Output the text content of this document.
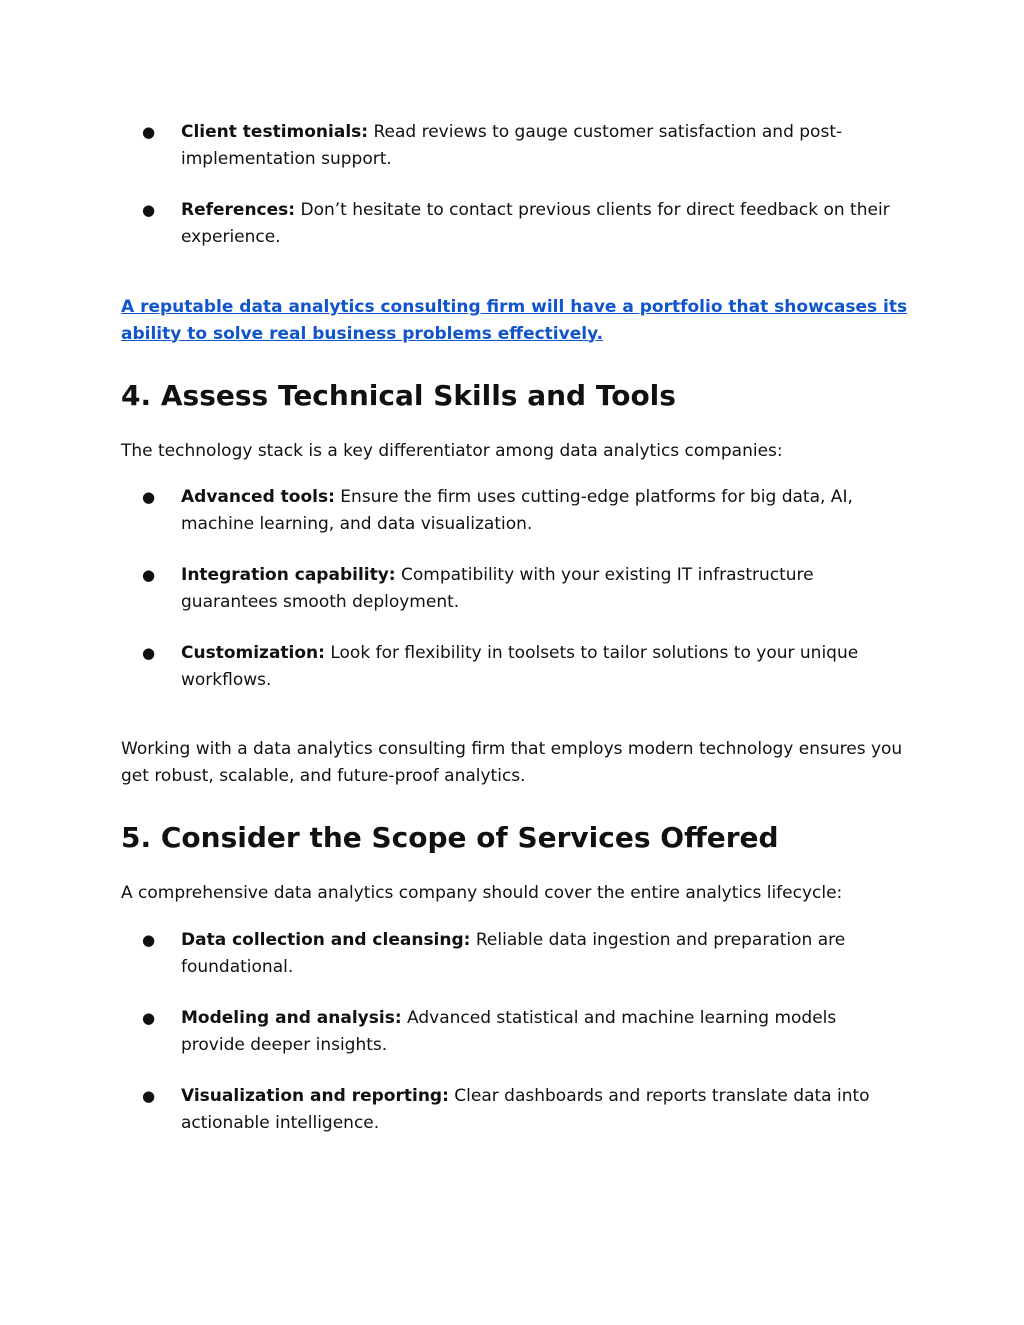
● Client testimonials: Read reviews to gauge customer satisfaction and post-implementation support.
● References: Don’t hesitate to contact previous clients for direct feedback on their experience.

A reputable data analytics consulting firm will have a portfolio that showcases its ability to solve real business problems effectively.

4. Assess Technical Skills and Tools

The technology stack is a key differentiator among data analytics companies:

● Advanced tools: Ensure the firm uses cutting-edge platforms for big data, AI, machine learning, and data visualization.
● Integration capability: Compatibility with your existing IT infrastructure guarantees smooth deployment.
● Customization: Look for flexibility in toolsets to tailor solutions to your unique workflows.

Working with a data analytics consulting firm that employs modern technology ensures you get robust, scalable, and future-proof analytics.

5. Consider the Scope of Services Offered

A comprehensive data analytics company should cover the entire analytics lifecycle:

● Data collection and cleansing: Reliable data ingestion and preparation are foundational.
● Modeling and analysis: Advanced statistical and machine learning models provide deeper insights.
● Visualization and reporting: Clear dashboards and reports translate data into actionable intelligence.
